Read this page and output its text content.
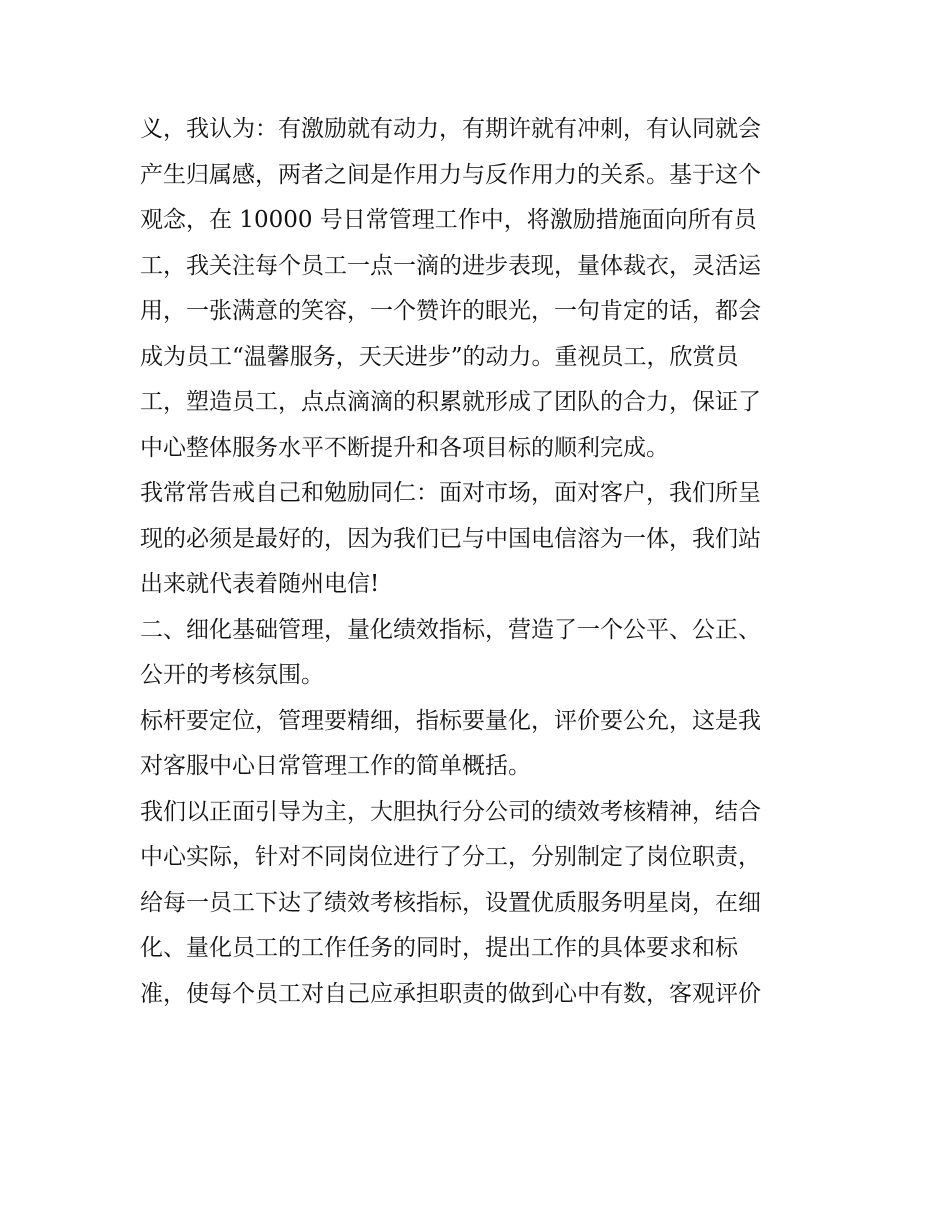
义，我认为：有激励就有动力，有期许就有冲刺，有认同就会
产生归属感，两者之间是作用力与反作用力的关系。基于这个
观念，在 10000 号日常管理工作中，将激励措施面向所有员
工，我关注每个员工一点一滴的进步表现，量体裁衣，灵活运
用，一张满意的笑容，一个赞许的眼光，一句肯定的话，都会
成为员工“温馨服务，天天进步”的动力。重视员工，欣赏员
工，塑造员工，点点滴滴的积累就形成了团队的合力，保证了
中心整体服务水平不断提升和各项目标的顺利完成。
我常常告戒自己和勉励同仁：面对市场，面对客户，我们所呈
现的必须是最好的，因为我们已与中国电信溶为一体，我们站
出来就代表着随州电信!
二、细化基础管理，量化绩效指标，营造了一个公平、公正、
公开的考核氛围。
标杆要定位，管理要精细，指标要量化，评价要公允，这是我
对客服中心日常管理工作的简单概括。
我们以正面引导为主，大胆执行分公司的绩效考核精神，结合
中心实际，针对不同岗位进行了分工，分别制定了岗位职责，
给每一员工下达了绩效考核指标，设置优质服务明星岗，在细
化、量化员工的工作任务的同时，提出工作的具体要求和标
准，使每个员工对自己应承担职责的做到心中有数，客观评价
